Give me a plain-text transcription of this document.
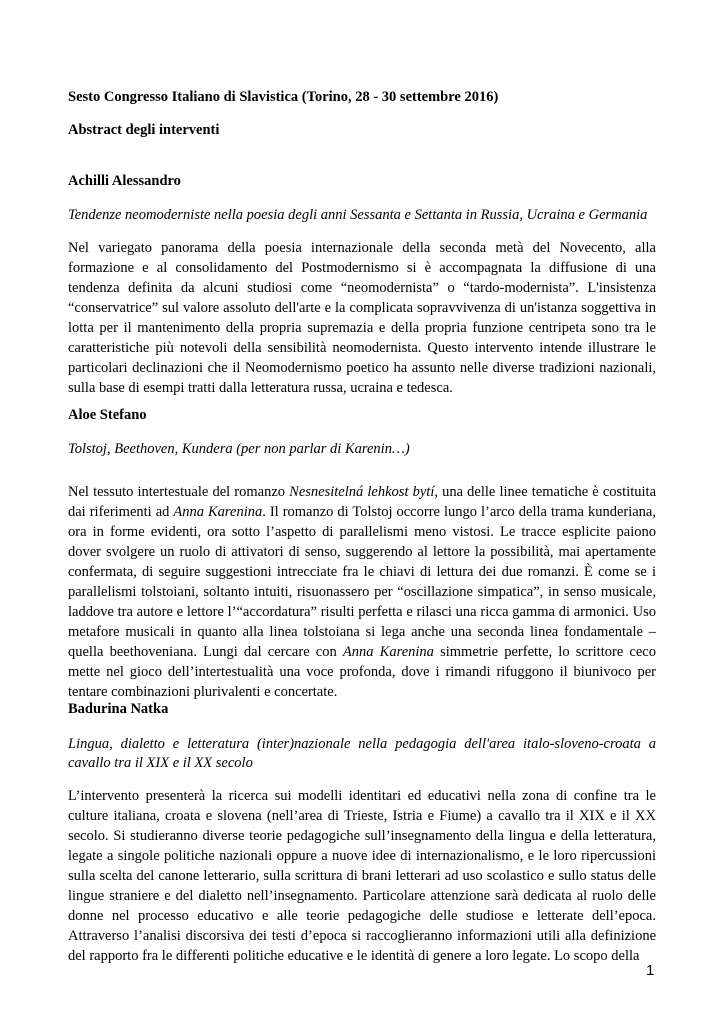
Sesto Congresso Italiano di Slavistica (Torino, 28 - 30 settembre 2016)

Abstract degli interventi

Achilli Alessandro

Tendenze neomoderniste nella poesia degli anni Sessanta e Settanta in Russia, Ucraina e Germania

Nel variegato panorama della poesia internazionale della seconda metà del Novecento, alla formazione e al consolidamento del Postmodernismo si è accompagnata la diffusione di una tendenza definita da alcuni studiosi come “neomodernista” o “tardo-modernista”. L'insistenza “conservatrice” sul valore assoluto dell'arte e la complicata sopravvivenza di un'istanza soggettiva in lotta per il mantenimento della propria supremazia e della propria funzione centripeta sono tra le caratteristiche più notevoli della sensibilità neomodernista. Questo intervento intende illustrare le particolari declinazioni che il Neomodernismo poetico ha assunto nelle diverse tradizioni nazionali, sulla base di esempi tratti dalla letteratura russa, ucraina e tedesca.

Aloe Stefano

Tolstoj, Beethoven, Kundera (per non parlar di Karenin…)

Nel tessuto intertestuale del romanzo Nesnesitelná lehkost bytí, una delle linee tematiche è costituita dai riferimenti ad Anna Karenina. Il romanzo di Tolstoj occorre lungo l’arco della trama kunderiana, ora in forme evidenti, ora sotto l’aspetto di parallelismi meno vistosi. Le tracce esplicite paiono dover svolgere un ruolo di attivatori di senso, suggerendo al lettore la possibilità, mai apertamente confermata, di seguire suggestioni intrecciate fra le chiavi di lettura dei due romanzi. È come se i parallelismi tolstoiani, soltanto intuiti, risuonassero per “oscillazione simpatica”, in senso musicale, laddove tra autore e lettore l’“accordatura” risulti perfetta e rilasci una ricca gamma di armonici. Uso metafore musicali in quanto alla linea tolstoiana si lega anche una seconda linea fondamentale – quella beethoveniana. Lungi dal cercare con Anna Karenina simmetrie perfette, lo scrittore ceco mette nel gioco dell’intertestualità una voce profonda, dove i rimandi rifuggono il biunivoco per tentare combinazioni plurivalenti e concertate.

Badurina Natka

Lingua, dialetto e letteratura (inter)nazionale nella pedagogia dell'area italo-sloveno-croata a cavallo tra il XIX e il XX secolo

L’intervento presenterà la ricerca sui modelli identitari ed educativi nella zona di confine tra le culture italiana, croata e slovena (nell’area di Trieste, Istria e Fiume) a cavallo tra il XIX e il XX secolo. Si studieranno diverse teorie pedagogiche sull’insegnamento della lingua e della letteratura, legate a singole politiche nazionali oppure a nuove idee di internazionalismo, e le loro ripercussioni sulla scelta del canone letterario, sulla scrittura di brani letterari ad uso scolastico e sullo status delle lingue straniere e del dialetto nell’insegnamento. Particolare attenzione sarà dedicata al ruolo delle donne nel processo educativo e alle teorie pedagogiche delle studiose e letterate dell’epoca. Attraverso l’analisi discorsiva dei testi d’epoca si raccoglieranno informazioni utili alla definizione del rapporto fra le differenti politiche educative e le identità di genere a loro legate. Lo scopo della

1
